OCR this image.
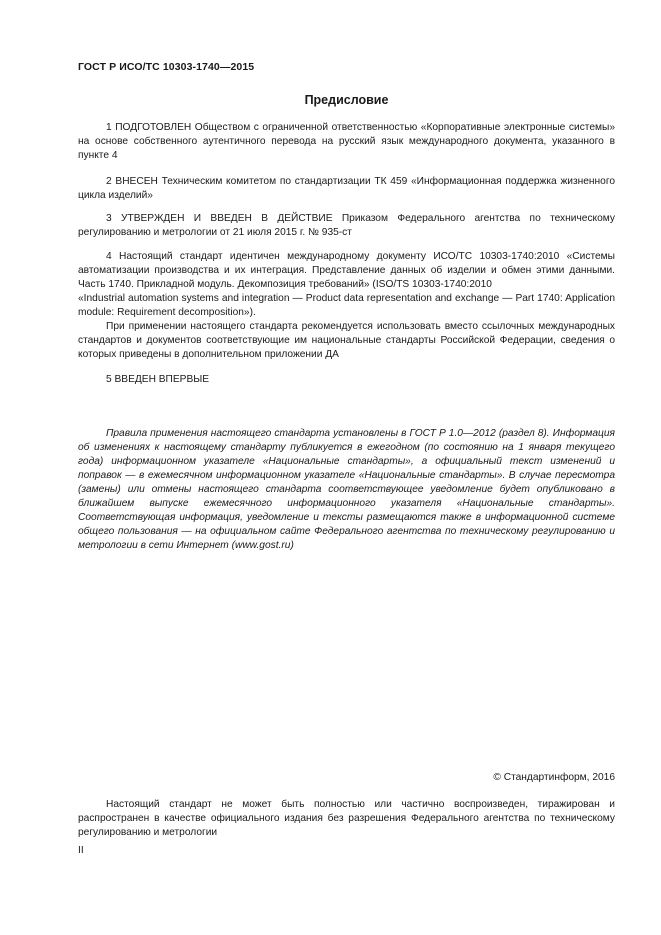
ГОСТ Р ИСО/ТС 10303-1740—2015
Предисловие

1 ПОДГОТОВЛЕН Обществом с ограниченной ответственностью «Корпоративные электронные системы» на основе собственного аутентичного перевода на русский язык международного документа, указанного в пункте 4

2 ВНЕСЕН Техническим комитетом по стандартизации ТК 459 «Информационная поддержка жизненного цикла изделий»

3 УТВЕРЖДЕН И ВВЕДЕН В ДЕЙСТВИЕ Приказом Федерального агентства по техническому регулированию и метрологии от 21 июля 2015 г. № 935-ст

4 Настоящий стандарт идентичен международному документу ИСО/ТС 10303-1740:2010 «Системы автоматизации производства и их интеграция. Представление данных об изделии и обмен этими данными. Часть 1740. Прикладной модуль. Декомпозиция требований» (ISO/TS 10303-1740:2010

«Industrial automation systems and integration — Product data representation and exchange — Part 1740: Application module: Requirement decomposition»).

При применении настоящего стандарта рекомендуется использовать вместо ссылочных международных стандартов и документов соответствующие им национальные стандарты Российской Федерации, сведения о которых приведены в дополнительном приложении ДА

5 ВВЕДЕН ВПЕРВЫЕ

Правила применения настоящего стандарта установлены в ГОСТ Р 1.0—2012 (раздел 8). Информация об изменениях к настоящему стандарту публикуется в ежегодном (по состоянию на 1 января текущего года) информационном указателе «Национальные стандарты», а официальный текст изменений и поправок — в ежемесячном информационном указателе «Национальные стандарты». В случае пересмотра (замены) или отмены настоящего стандарта соответствующее уведомление будет опубликовано в ближайшем выпуске ежемесячного информационного указателя «Национальные стандарты». Соответствующая информация, уведомление и тексты размещаются также в информационной системе общего пользования — на официальном сайте Федерального агентства по техническому регулированию и метрологии в сети Интернет (www.gost.ru)
© Стандартинформ, 2016
Настоящий стандарт не может быть полностью или частично воспроизведен, тиражирован и распространен в качестве официального издания без разрешения Федерального агентства по техническому регулированию и метрологии
II
